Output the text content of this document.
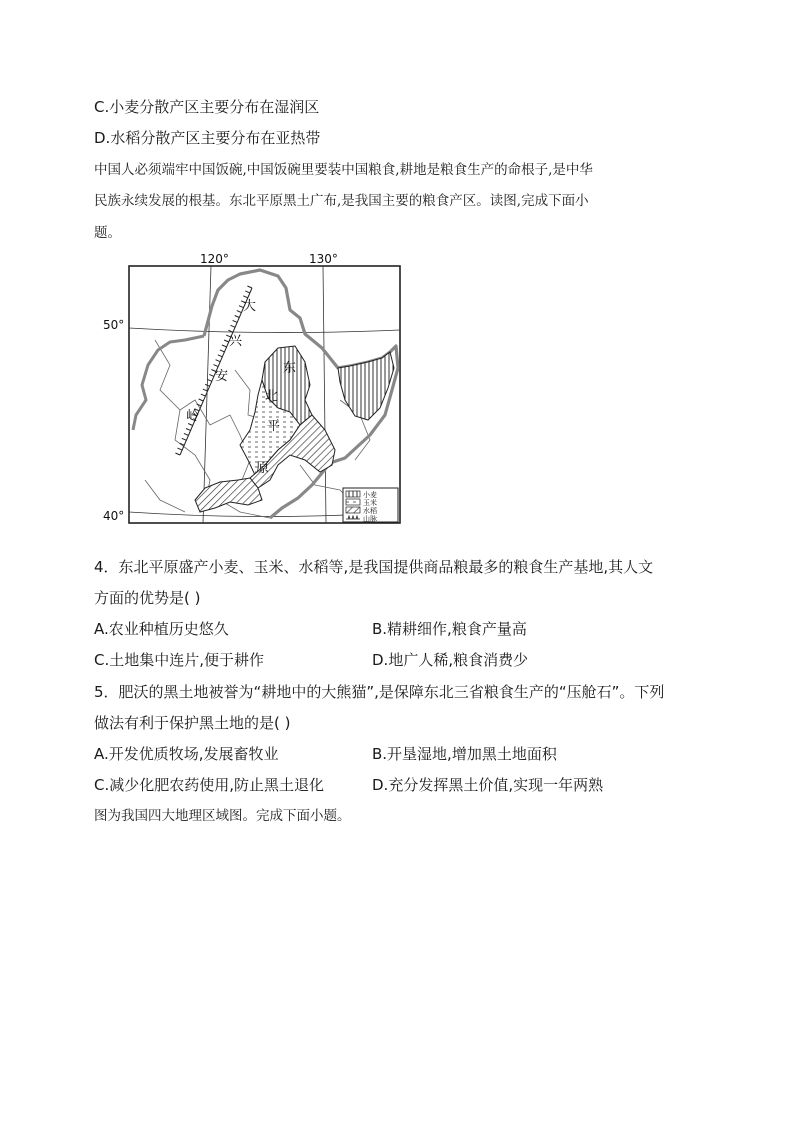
C.小麦分散产区主要分布在湿润区
D.水稻分散产区主要分布在亚热带
中国人必须端牢中国饭碗,中国饭碗里要装中国粮食,耕地是粮食生产的命根子,是中华
民族永续发展的根基。东北平原黑土广布,是我国主要的粮食产区。读图,完成下面小
题。
大
兴
安
岭
东
北
平
原
120°	130°
50°
40°
小麦
玉米
水稻
山脉
4．东北平原盛产小麦、玉米、水稻等,是我国提供商品粮最多的粮食生产基地,其人文
方面的优势是( )
A.农业种植历史悠久	B.精耕细作,粮食产量高
C.土地集中连片,便于耕作	D.地广人稀,粮食消费少
5．肥沃的黑土地被誉为“耕地中的大熊猫”,是保障东北三省粮食生产的“压舱石”。下列
做法有利于保护黑土地的是( )
A.开发优质牧场,发展畜牧业	B.开垦湿地,增加黑土地面积
C.减少化肥农药使用,防止黑土退化	D.充分发挥黑土价值,实现一年两熟
图为我国四大地理区域图。完成下面小题。
